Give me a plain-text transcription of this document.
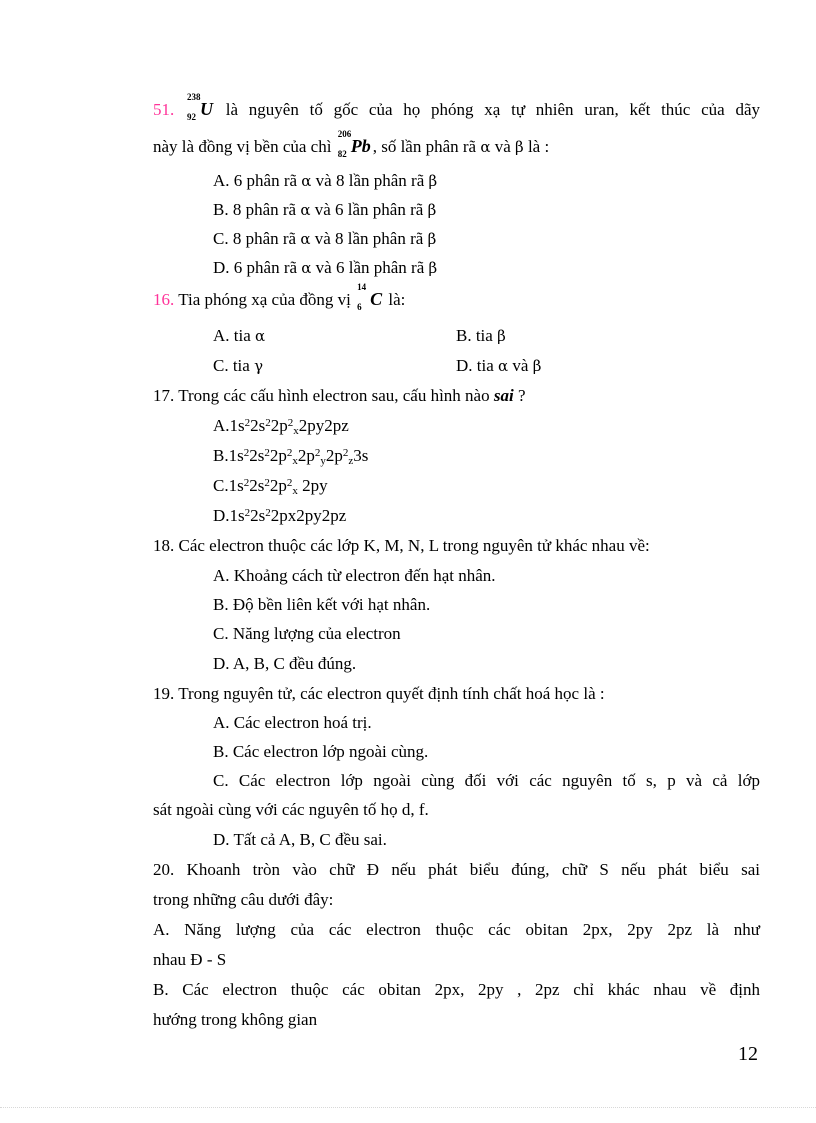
51.
238
92 U là nguyên tố gốc của họ phóng xạ tự nhiên uran, kết thúc của dãy
này là đồng vị bền của chì
206
82 Pb , số lần phân rã α và β là :
A. 6 phân rã α và 8 lần phân rã β
B. 8 phân rã α và 6 lần phân rã β
C. 8 phân rã α và 8 lần phân rã β
D. 6 phân rã α và 6 lần phân rã β
16. Tia phóng xạ của đồng vị
14
6 C là:
A. tia α	B. tia β
C. tia γ	D. tia α và β
17. Trong các cấu hình electron sau, cấu hình nào sai ?
$A.1s^22s^22p^2_x2py2pz$
$B.1s^22s^22p^2_x2p^2_y2p^2_z3s$
$C.1s^22s^22p^2_x$ 2py
$D.1s^22s^22px2py2pz$
18. Các electron thuộc các lớp K, M, N, L trong nguyên tử khác nhau về:
A. Khoảng cách từ electron đến hạt nhân.
B. Độ bền liên kết với hạt nhân.
C. Năng lượng của electron
D. A, B, C đều đúng.
19. Trong nguyên tử, các electron quyết định tính chất hoá học là :
A. Các electron hoá trị.
B. Các electron lớp ngoài cùng.
C. Các electron lớp ngoài cùng đối với các nguyên tố s, p và cả lớp
sát ngoài cùng với các nguyên tố họ d, f.
D. Tất cả A, B, C đều sai.
20. Khoanh tròn vào chữ Đ nếu phát biểu đúng, chữ S nếu phát biểu sai
trong những câu dưới đây:
A. Năng lượng của các electron thuộc các obitan 2px, 2py 2pz là như
nhau Đ - S
B. Các electron thuộc các obitan 2px, 2py , 2pz chỉ khác nhau về định
hướng trong không gian
12
